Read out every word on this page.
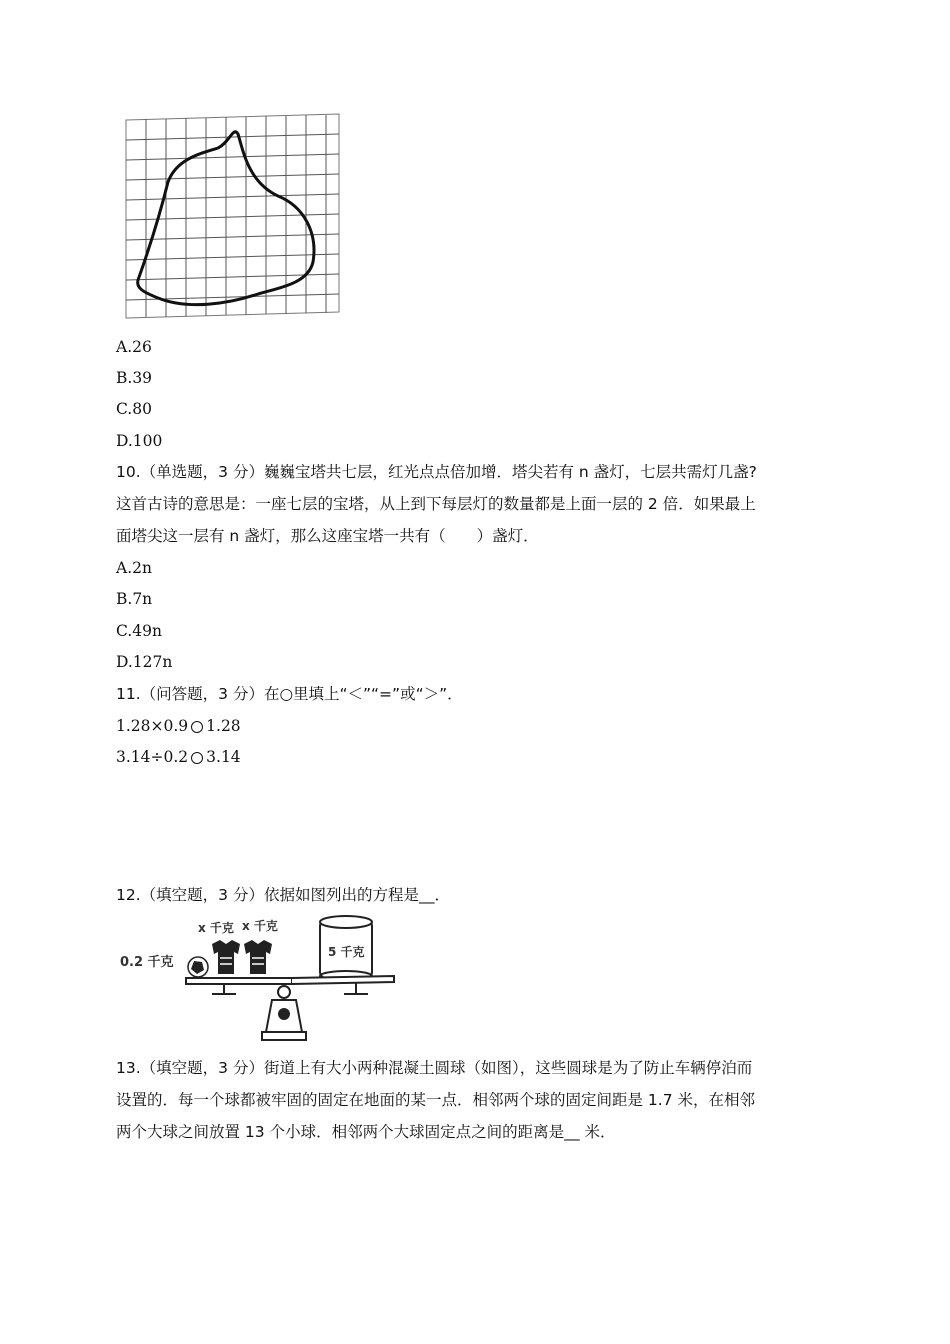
A.26
B.39
C.80
D.100
10.（单选题，3 分）巍巍宝塔共七层，红光点点倍加增．塔尖若有 n 盏灯，七层共需灯几盏?
这首古诗的意思是：一座七层的宝塔，从上到下每层灯的数量都是上面一层的 2 倍．如果最上
面塔尖这一层有 n 盏灯，那么这座宝塔一共有（　　）盏灯．
A.2n
B.7n
C.49n
D.127n
11.（问答题，3 分）在○里填上“＜”“=”或“＞”．
1.28×0.9 1.28
3.14÷0.2 3.14
12.（填空题，3 分）依据如图列出的方程是__．
0.2 千克
x 千克 x 千克
5 千克
13.（填空题，3 分）街道上有大小两种混凝土圆球（如图），这些圆球是为了防止车辆停泊而
设置的．每一个球都被牢固的固定在地面的某一点．相邻两个球的固定间距是 1.7 米，在相邻
两个大球之间放置 13 个小球．相邻两个大球固定点之间的距离是__ 米．
